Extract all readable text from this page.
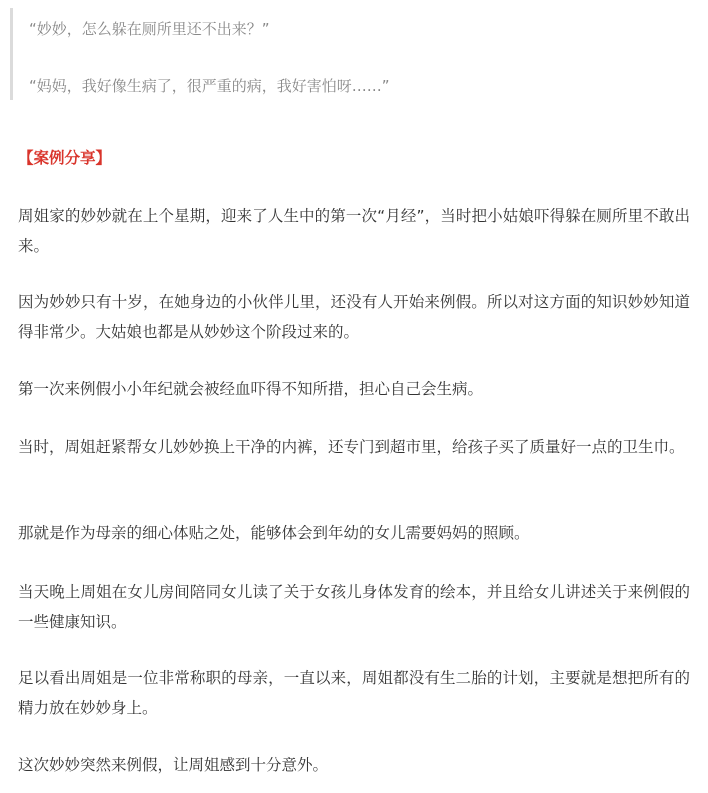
“妙妙，怎么躲在厕所里还不出来？”
“妈妈，我好像生病了，很严重的病，我好害怕呀……”
【案例分享】
周姐家的妙妙就在上个星期，迎来了人生中的第一次“月经”，当时把小姑娘吓得躲在厕所里不敢出来。
因为妙妙只有十岁，在她身边的小伙伴儿里，还没有人开始来例假。所以对这方面的知识妙妙知道得非常少。大姑娘也都是从妙妙这个阶段过来的。
第一次来例假小小年纪就会被经血吓得不知所措，担心自己会生病。
当时，周姐赶紧帮女儿妙妙换上干净的内裤，还专门到超市里，给孩子买了质量好一点的卫生巾。
那就是作为母亲的细心体贴之处，能够体会到年幼的女儿需要妈妈的照顾。
当天晚上周姐在女儿房间陪同女儿读了关于女孩儿身体发育的绘本，并且给女儿讲述关于来例假的一些健康知识。
足以看出周姐是一位非常称职的母亲，一直以来，周姐都没有生二胎的计划，主要就是想把所有的精力放在妙妙身上。
这次妙妙突然来例假，让周姐感到十分意外。
